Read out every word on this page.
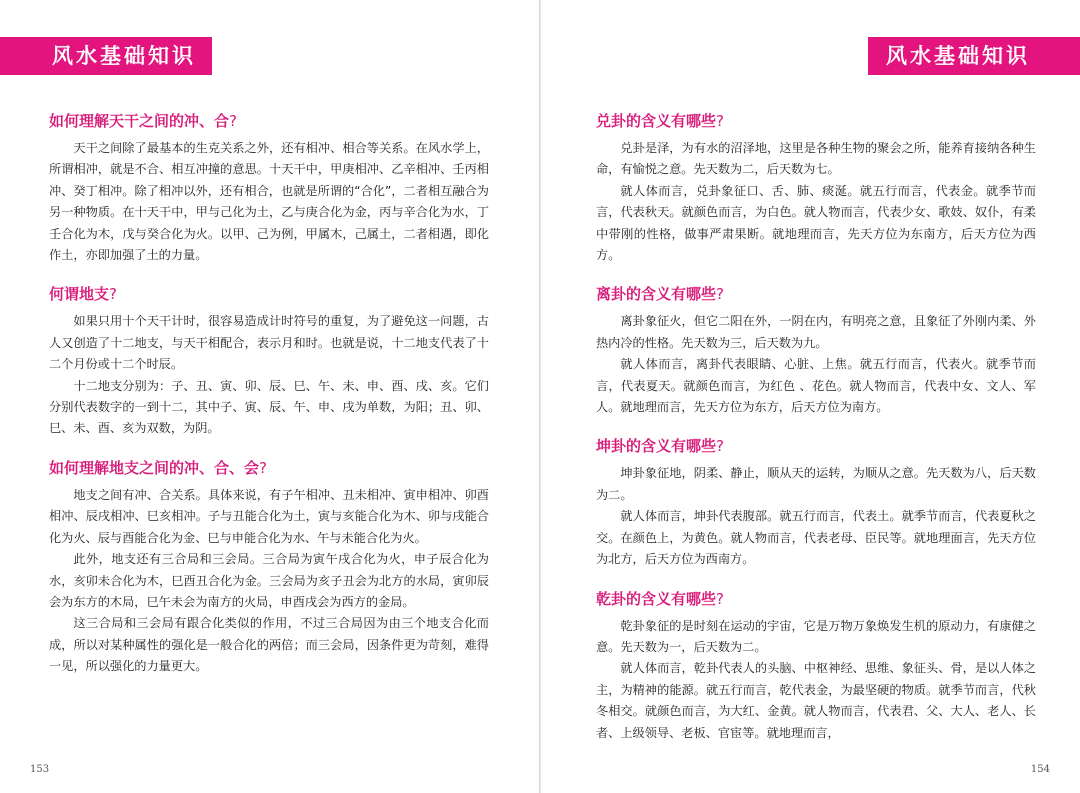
风水基础知识
如何理解天干之间的冲、合?

天干之间除了最基本的生克关系之外，还有相冲、相合等关系。在风水学上，所谓相冲，就是不合、相互冲撞的意思。十天干中，甲庚相冲、乙辛相冲、壬丙相冲、癸丁相冲。除了相冲以外，还有相合，也就是所谓的“合化”，二者相互融合为另一种物质。在十天干中，甲与己化为土，乙与庚合化为金，丙与辛合化为水，丁壬合化为木，戊与癸合化为火。以甲、己为例，甲属木，己属土，二者相遇，即化作土，亦即加强了土的力量。

何谓地支?

如果只用十个天干计时，很容易造成计时符号的重复，为了避免这一问题，古人又创造了十二地支，与天干相配合，表示月和时。也就是说，十二地支代表了十二个月份或十二个时辰。

十二地支分别为：子、丑、寅、卯、辰、巳、午、未、申、酉、戌、亥。它们分别代表数字的一到十二，其中子、寅、辰、午、申、戌为单数，为阳；丑、卯、巳、未、酉、亥为双数，为阴。

如何理解地支之间的冲、合、会?

地支之间有冲、合关系。具体来说，有子午相冲、丑未相冲、寅申相冲、卯酉相冲、辰戌相冲、巳亥相冲。子与丑能合化为土，寅与亥能合化为木、卯与戌能合化为火、辰与酉能合化为金、巳与申能合化为水、午与未能合化为火。

此外，地支还有三合局和三会局。三合局为寅午戌合化为火，申子辰合化为水，亥卯未合化为木，巳酉丑合化为金。三会局为亥子丑会为北方的水局，寅卯辰会为东方的木局，巳午未会为南方的火局，申酉戌会为西方的金局。

这三合局和三会局有跟合化类似的作用，不过三合局因为由三个地支合化而成，所以对某种属性的强化是一般合化的两倍；而三会局，因条件更为苛刻，难得一见，所以强化的力量更大。

153
风水基础知识
兑卦的含义有哪些?

兑卦是泽，为有水的沼泽地，这里是各种生物的聚会之所，能养育接纳各种生命，有愉悦之意。先天数为二，后天数为七。

就人体而言，兑卦象征口、舌、肺、痰涎。就五行而言，代表金。就季节而言，代表秋天。就颜色而言，为白色。就人物而言，代表少女、歌妓、奴仆，有柔中带刚的性格，做事严肃果断。就地理而言，先天方位为东南方，后天方位为西方。

离卦的含义有哪些?

离卦象征火，但它二阳在外，一阴在内，有明亮之意，且象征了外刚内柔、外热内冷的性格。先天数为三，后天数为九。

就人体而言，离卦代表眼睛、心脏、上焦。就五行而言，代表火。就季节而言，代表夏天。就颜色而言，为红色 、花色。就人物而言，代表中女、文人、军人。就地理而言，先天方位为东方，后天方位为南方。

坤卦的含义有哪些?

坤卦象征地，阴柔、静止，顺从天的运转，为顺从之意。先天数为八，后天数为二。

就人体而言，坤卦代表腹部。就五行而言，代表土。就季节而言，代表夏秋之交。在颜色上，为黄色。就人物而言，代表老母、臣民等。就地理面言，先天方位为北方，后天方位为西南方。

乾卦的含义有哪些?

乾卦象征的是时刻在运动的宇宙，它是万物万象焕发生机的原动力，有康健之意。先天数为一，后天数为二。

就人体而言，乾卦代表人的头脑、中枢神经、思维、象征头、骨，是以人体之主，为精神的能源。就五行而言，乾代表金，为最坚硬的物质。就季节而言，代秋冬相交。就颜色而言，为大红、金黄。就人物而言，代表君、父、大人、老人、长者、上级领导、老板、官宦等。就地理而言，

154
